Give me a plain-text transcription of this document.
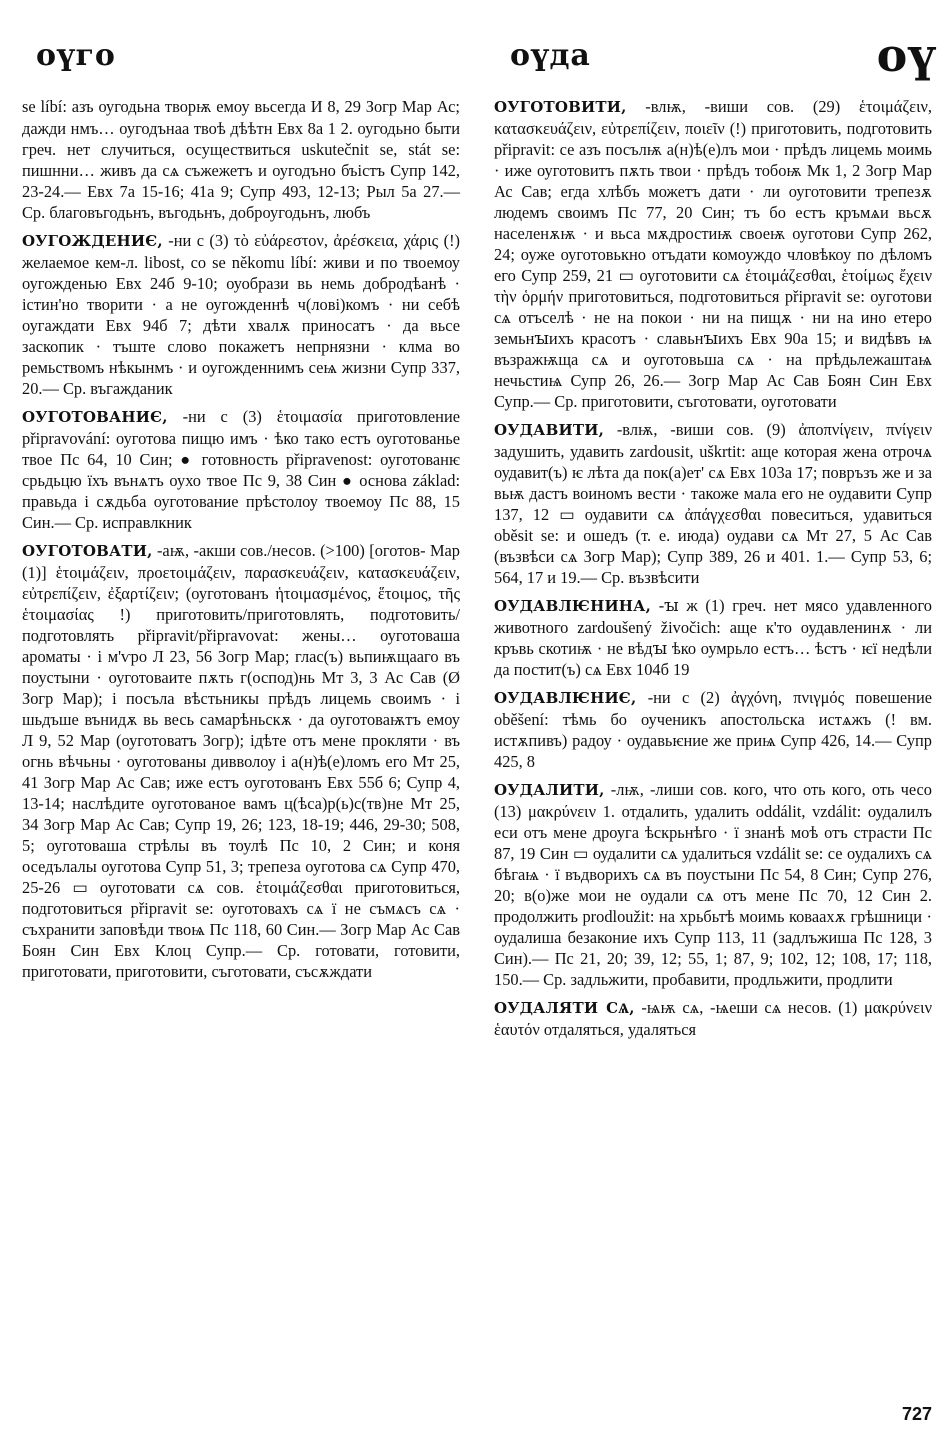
оүго	оүда	оү

se líbí: азъ оугодьна творѭ емоу вьсегда И 8, 29 Зогр Мар Ас; дажди нмъ… оугодънаа твоѣ дѣѣтн Евх 8а 1 2. оугодьно быти греч. нет случиться, осуществиться uskutečnit se, stát se: пишнни… живъ да сѧ съжежетъ и оугодъно бъістъ Супр 142, 23-24.— Евх 7а 15-16; 41а 9; Супр 493, 12-13; Рыл 5а 27.— Ср. благовъгодьнъ, въгодьнъ, доброугодьнъ, любъ

ОУГОЖДЕНИЄ, -ни с (3) τὸ εὐάρεστον, ἀρέσκεια, χάρις (!) желаемое кем-л. libost, co se někomu líbí: живи и по твоемоу оугожденью Евх 24б 9-10; оуобрази вь немь добродѣанѣ · істин'но творити · а не оугожденнѣ ч(лові)комъ · ни себѣ оугаждати Евх 94б 7; дѣти хвалѫ приносатъ · да вьсе заскопик · тъште слово покажетъ непрнязни · клма во ремьствомъ нѣкынмъ · и оугожденнимъ сеѩ жизни Супр 337, 20.— Ср. въгажданик

ОУГОТОВАНИЄ, -ни с (3) ἑτοιμασία приготовление připravování: оуготова пищю имъ · ѣко тако естъ оуготованье твое Пс 64, 10 Син; ● готовность připravenost: оуготованѥ срьдьцю їхъ вънѧтъ оухо твое Пс 9, 38 Син ● основа základ: правьда і сѫдьба оуготование прѣстолоу твоемоу Пс 88, 15 Син.— Ср. исправлкник

ОУГОТОВАТИ, -аѭ, -акши сов./несов. (>100) [оготов- Мар (1)] ἑτοιμάζειν, προετοιμάζειν, παρασκευάζειν, κατασκευάζειν, εὐτρεπίζειν, ἐξαρτίζειν; (оуготованъ ἡτοιμασμένος, ἕτοιμος, τῆς ἑτοιμασίας !) приготовить/приготовлять, подготовить/подготовлять připravit/připravovat: жены… оуготоваша ароматы · і м'ѵро Л 23, 56 Зогр Мар; глас(ъ) вьпиѭщааго въ поустыни · оуготоваите пѫть г(оспод)нь Мт 3, 3 Ас Сав (Ø Зогр Мар); і посъла вѣстьникы прѣдъ лицемь своимъ · і шьдъше вънидѫ вь весь самарѣньскѫ · да оуготоваѭтъ емоу Л 9, 52 Мар (оуготоватъ Зогр); ідѣте отъ мене прокляти · въ огнь вѣчьны · оуготованы дивволоу і а(н)ѣ(е)ломъ его Мт 25, 41 Зогр Мар Ас Сав; иже естъ оуготованъ Евх 55б 6; Супр 4, 13-14; наслѣдите оуготованое вамъ ц(ѣса)р(ь)с(тв)не Мт 25, 34 Зогр Мар Ас Сав; Супр 19, 26; 123, 18-19; 446, 29-30; 508, 5; оуготоваша стрѣлы въ тоулѣ Пс 10, 2 Син; и коня оседълалы оуготова Супр 51, 3; трепеза оуготова сѧ Супр 470, 25-26 ▭ оуготовати сѧ сов. ἑτοιμάζεσθαι приготовиться, подготовиться připravit se: оуготовахъ сѧ ї не съмѧсъ сѧ · съхранити заповѣди твоѩ Пс 118, 60 Син.— Зогр Мар Ас Сав Боян Син Евх Клоц Супр.— Ср. готовати, готовити, приготовати, приготовити, съготовати, съсѫждати

ОУГОТОВИТИ, -влѭ, -виши сов. (29) ἑτοιμάζειν, κατασκευάζειν, εὐτρεπίζειν, ποιεῖν (!) приготовить, подготовить připravit: се азъ посълѭ а(н)ѣ(е)лъ мои · прѣдъ лицемь моимь · иже оуготовитъ пѫть твои · прѣдъ тобоѭ Мк 1, 2 Зогр Мар Ас Сав; егда хлѣбъ можетъ дати · ли оуготовити трепезѫ людемъ своимъ Пс 77, 20 Син; тъ бо естъ кръмѧи вьсѫ населенѫѭ · и вьса мѫдростиѭ своеѭ оуготови Супр 262, 24; оуже оуготовькно отъдати комоуждо чловѣкоу по дѣломъ его Супр 259, 21 ▭ оуготовити сѧ ἑτοιμάζεσθαι, ἑτοίμως ἔχειν τὴν ὁρμήν приготовиться, подготовиться připravit se: оуготови сѧ отъселѣ · не на покои · ни на пищѫ · ни на ино етеро земьнꙑихъ красотъ · славьнꙑихъ Евх 90а 15; и видѣвъ ѩ възражѭща сѧ и оуготовьша сѧ · на прѣдьлежаштаѩ нечьстиѩ Супр 26, 26.— Зогр Мар Ас Сав Боян Син Евх Супр.— Ср. приготовити, съготовати, оуготовати

ОУДАВИТИ, -влѭ, -виши сов. (9) ἀποπνίγειν, πνίγειν задушить, удавить zardousit, uškrtit: аще которая жена отрочѧ оудавит(ъ) ѥ лѣта да пок(а)ет' сѧ Евх 103а 17; повръзъ же и за вьѭ дастъ воиномъ вести · такоже мала его не оудавити Супр 137, 12 ▭ оудавити сѧ ἀπάγχεσθαι повеситься, удавиться oběsit se: и ошедъ (т. е. июда) оудави сѧ Мт 27, 5 Ас Сав (възвѣси сѧ Зогр Мар); Супр 389, 26 и 401. 1.— Супр 53, 6; 564, 17 и 19.— Ср. възвѣсити

ОУДАВЛѤНИНА, -ꙑ ж (1) греч. нет мясо удавленного животного zardoušený živočich: аще к'то оудавленинѫ · ли кръвь скотиѭ · не вѣдꙑ ѣко оумрьло естъ… ѣстъ · ѥї недѣли да постит(ъ) сѧ Евх 104б 19

ОУДАВЛѤНИЄ, -ни с (2) ἀγχόνη, πνιγμός повешение oběšení: тѣмь бо оученикъ апостольска истѧжъ (! вм. истѫпивъ) радоу · оудавьѥние же приѩ Супр 426, 14.— Супр 425, 8

ОУДАЛИТИ, -лѭ, -лиши сов. кого, что оть кого, оть чесо (13) μακρύνειν 1. отдалить, удалить oddálit, vzdálit: оудалилъ еси отъ мене дроуга ѣскрьнѣго · ї знанѣ моѣ отъ страсти Пс 87, 19 Син ▭ оудалити сѧ удалиться vzdálit se: се оудалихъ сѧ бѣгаѩ · ї въдворихъ сѧ въ поустыни Пс 54, 8 Син; Супр 276, 20; в(о)же мои не оудали сѧ отъ мене Пс 70, 12 Син 2. продолжить prodloužit: на хрьбьтѣ моимь коваахѫ грѣшници · оудалиша безаконие ихъ Супр 113, 11 (задлъжиша Пс 128, 3 Син).— Пс 21, 20; 39, 12; 55, 1; 87, 9; 102, 12; 108, 17; 118, 150.— Ср. задльжити, пробавити, продльжити, продлити

ОУДАЛЯТИ СѦ, -ѩѭ сѧ, -ѩеши сѧ несов. (1) μακρύνειν ἑαυτόν отдаляться, удаляться

727
